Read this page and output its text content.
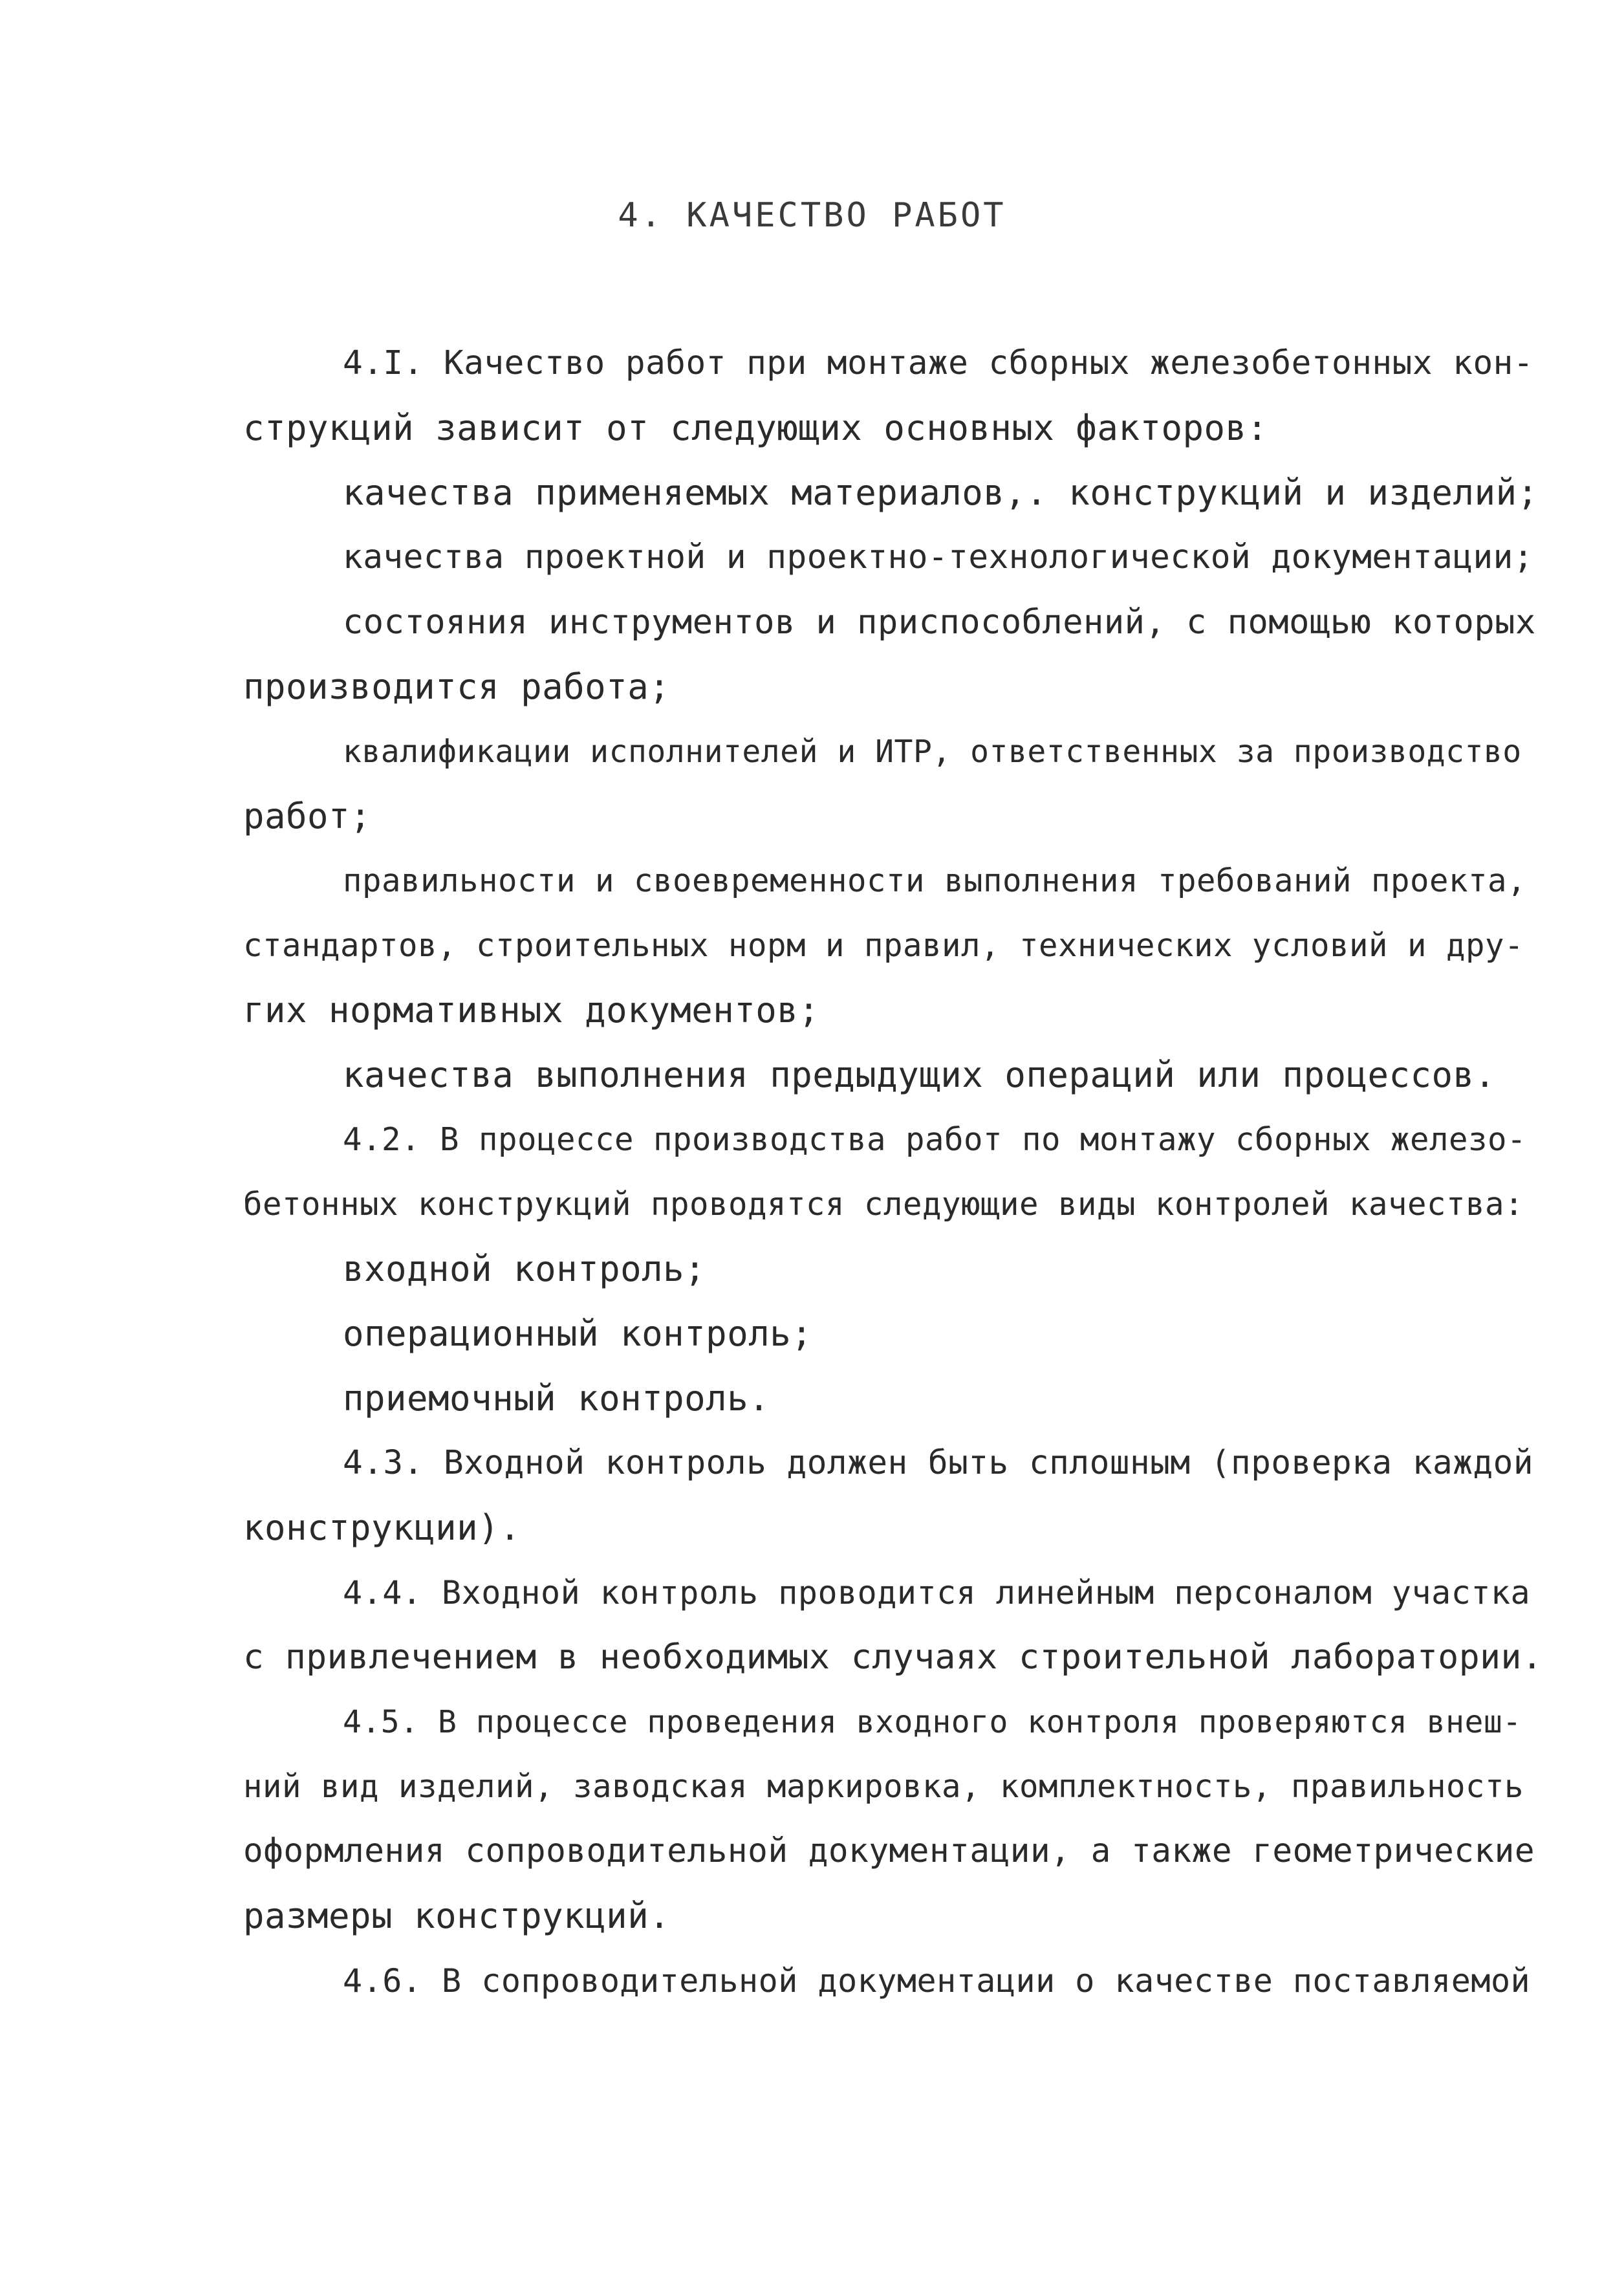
4. КАЧЕСТВО РАБОТ
4.I. Качество работ при монтаже сборных железобетонных кон-
струкций зависит от следующих основных факторов:
качества применяемых материалов,. конструкций и изделий;
качества проектной и проектно-технологической документации;
состояния инструментов и приспособлений, с помощью которых
производится работа;
квалификации исполнителей и ИТР, ответственных за производство
работ;
правильности и своевременности выполнения требований проекта,
стандартов, строительных норм и правил, технических условий и дру-
гих нормативных документов;
качества выполнения предыдущих операций или процессов.
4.2. В процессе производства работ по монтажу сборных железо-
бетонных конструкций проводятся следующие виды контролей качества:
входной контроль;
операционный контроль;
приемочный контроль.
4.3. Входной контроль должен быть сплошным (проверка каждой
конструкции).
4.4. Входной контроль проводится линейным персоналом участка
с привлечением в необходимых случаях строительной лаборатории.
4.5. В процессе проведения входного контроля проверяются внеш-
ний вид изделий, заводская маркировка, комплектность, правильность
оформления сопроводительной документации, а также геометрические
размеры конструкций.
4.6. В сопроводительной документации о качестве поставляемой
